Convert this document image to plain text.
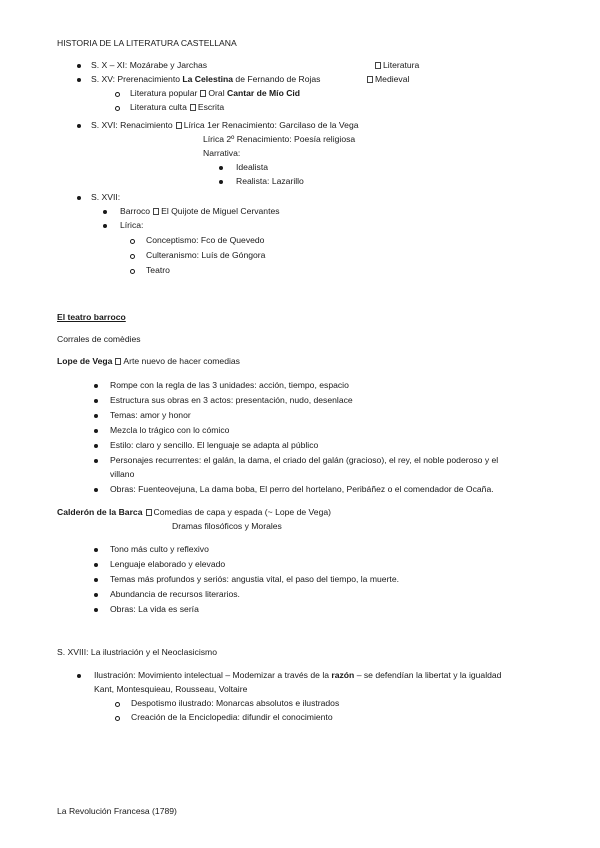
HISTORIA DE LA LITERATURA CASTELLANA
S. X – XI: Mozárabe y Jarchas	Literatura
S. XV: Prerenacimiento La Celestina de Fernando de Rojas	Medieval
Literatura popular Oral Cantar de Mío Cid
Literatura culta Escrita
S. XVI: Renacimiento Lírica 1er Renacimiento: Garcilaso de la Vega
Lírica 2º Renacimiento: Poesía religiosa
Narrativa:
Idealista
Realista: Lazarillo
S. XVII:
Barroco El Quijote de Miguel Cervantes
Lírica:
Conceptismo: Fco de Quevedo
Culteranismo: Luís de Góngora
Teatro
El teatro barroco
Corrales de comèdies
Lope de Vega Arte nuevo de hacer comedias
Rompe con la regla de las 3 unidades: acción, tiempo, espacio
Estructura sus obras en 3 actos: presentación, nudo, desenlace
Temas: amor y honor
Mezcla lo trágico con lo cómico
Estilo: claro y sencillo. El lenguaje se adapta al público
Personajes recurrentes: el galán, la dama, el criado del galán (gracioso), el rey, el noble poderoso y el
villano
Obras: Fuenteovejuna, La dama boba, El perro del hortelano, Peribáñez o el comendador de Ocaña.
Calderón de la Barca Comedias de capa y espada (~ Lope de Vega)
Dramas filosóficos y Morales
Tono más culto y reflexivo
Lenguaje elaborado y elevado
Temas más profundos y seriós: angustia vital, el paso del tiempo, la muerte.
Abundancia de recursos literarios.
Obras: La vida es sería
S. XVIII: La ilustriación y el Neoclasicismo
Ilustración: Movimiento intelectual – Modemizar a través de la razón – se defendían la libertat y la igualdad
Kant, Montesquieau, Rousseau, Voltaire
Despotismo ilustrado: Monarcas absolutos e ilustrados
Creación de la Enciclopedia: difundir el conocimiento
La Revolución Francesa (1789)
